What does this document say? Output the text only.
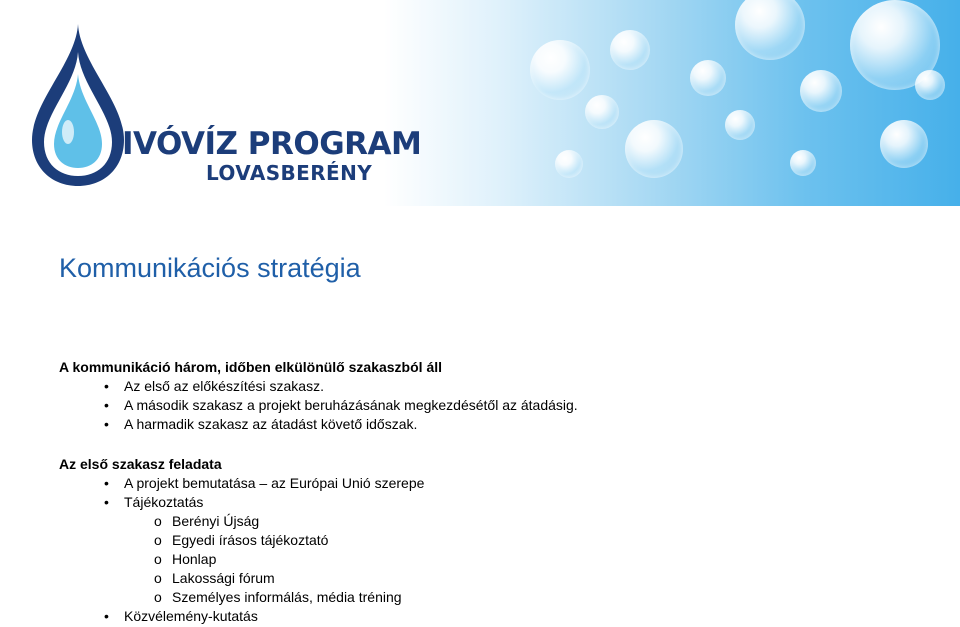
IVÓVÍZ PROGRAM
LOVASBERÉNY
Kommunikációs stratégia
A kommunikáció három, időben elkülönülő szakaszból áll
• Az első az előkészítési szakasz.
• A második szakasz a projekt beruházásának megkezdésétől az átadásig.
• A harmadik szakasz az átadást követő időszak.
Az első szakasz feladata
• A projekt bemutatása – az Európai Unió szerepe
• Tájékoztatás
o Berényi Újság
o Egyedi írásos tájékoztató
o Honlap
o Lakossági fórum
o Személyes informálás, média tréning
• Közvélemény-kutatás
